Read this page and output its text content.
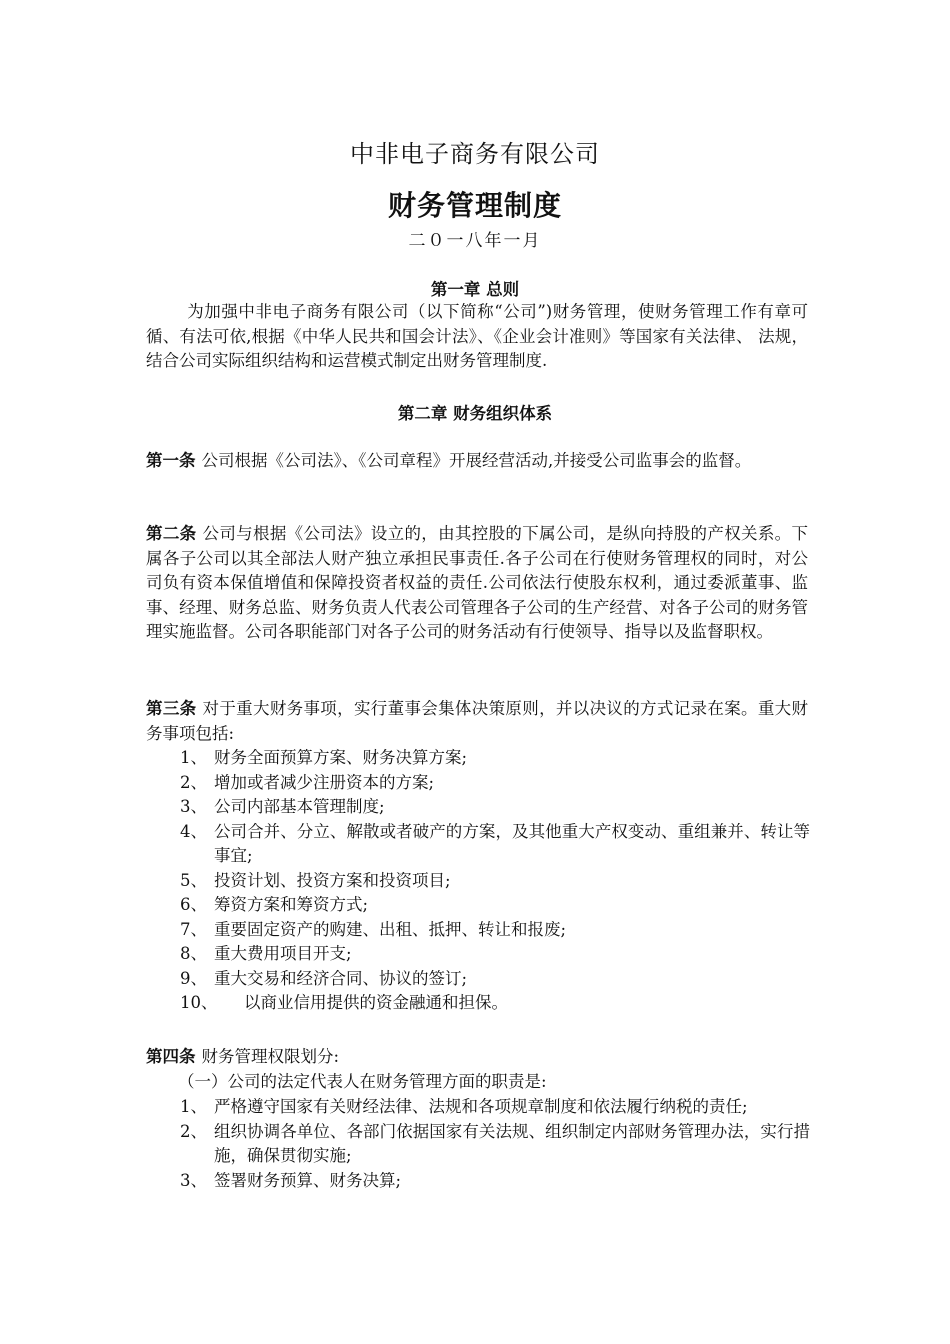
中非电子商务有限公司
财务管理制度
二０一八年一月
第一章 总则
为加强中非电子商务有限公司（以下简称“公司”)财务管理，使财务管理工作有章可循、有法可依,根据《中华人民共和国会计法》、《企业会计准则》等国家有关法律、 法规，结合公司实际组织结构和运营模式制定出财务管理制度.
第二章 财务组织体系
第一条 公司根据《公司法》、《公司章程》开展经营活动,并接受公司监事会的监督。
第二条 公司与根据《公司法》设立的，由其控股的下属公司，是纵向持股的产权关系。下属各子公司以其全部法人财产独立承担民事责任.各子公司在行使财务管理权的同时，对公司负有资本保值增值和保障投资者权益的责任.公司依法行使股东权利，通过委派董事、监事、经理、财务总监、财务负责人代表公司管理各子公司的生产经营、对各子公司的财务管理实施监督。公司各职能部门对各子公司的财务活动有行使领导、指导以及监督职权。
第三条 对于重大财务事项，实行董事会集体决策原则，并以决议的方式记录在案。重大财务事项包括:
1、 财务全面预算方案、财务决算方案;
2、 增加或者减少注册资本的方案;
3、 公司内部基本管理制度;
4、 公司合并、分立、解散或者破产的方案，及其他重大产权变动、重组兼并、转让等事宜;
5、 投资计划、投资方案和投资项目;
6、 筹资方案和筹资方式;
7、 重要固定资产的购建、出租、抵押、转让和报废;
8、 重大费用项目开支;
9、 重大交易和经济合同、协议的签订;
10、	以商业信用提供的资金融通和担保。
第四条 财务管理权限划分:
（一）公司的法定代表人在财务管理方面的职责是:
1、 严格遵守国家有关财经法律、法规和各项规章制度和依法履行纳税的责任;
2、 组织协调各单位、各部门依据国家有关法规、组织制定内部财务管理办法，实行措施，确保贯彻实施;
3、 签署财务预算、财务决算;
